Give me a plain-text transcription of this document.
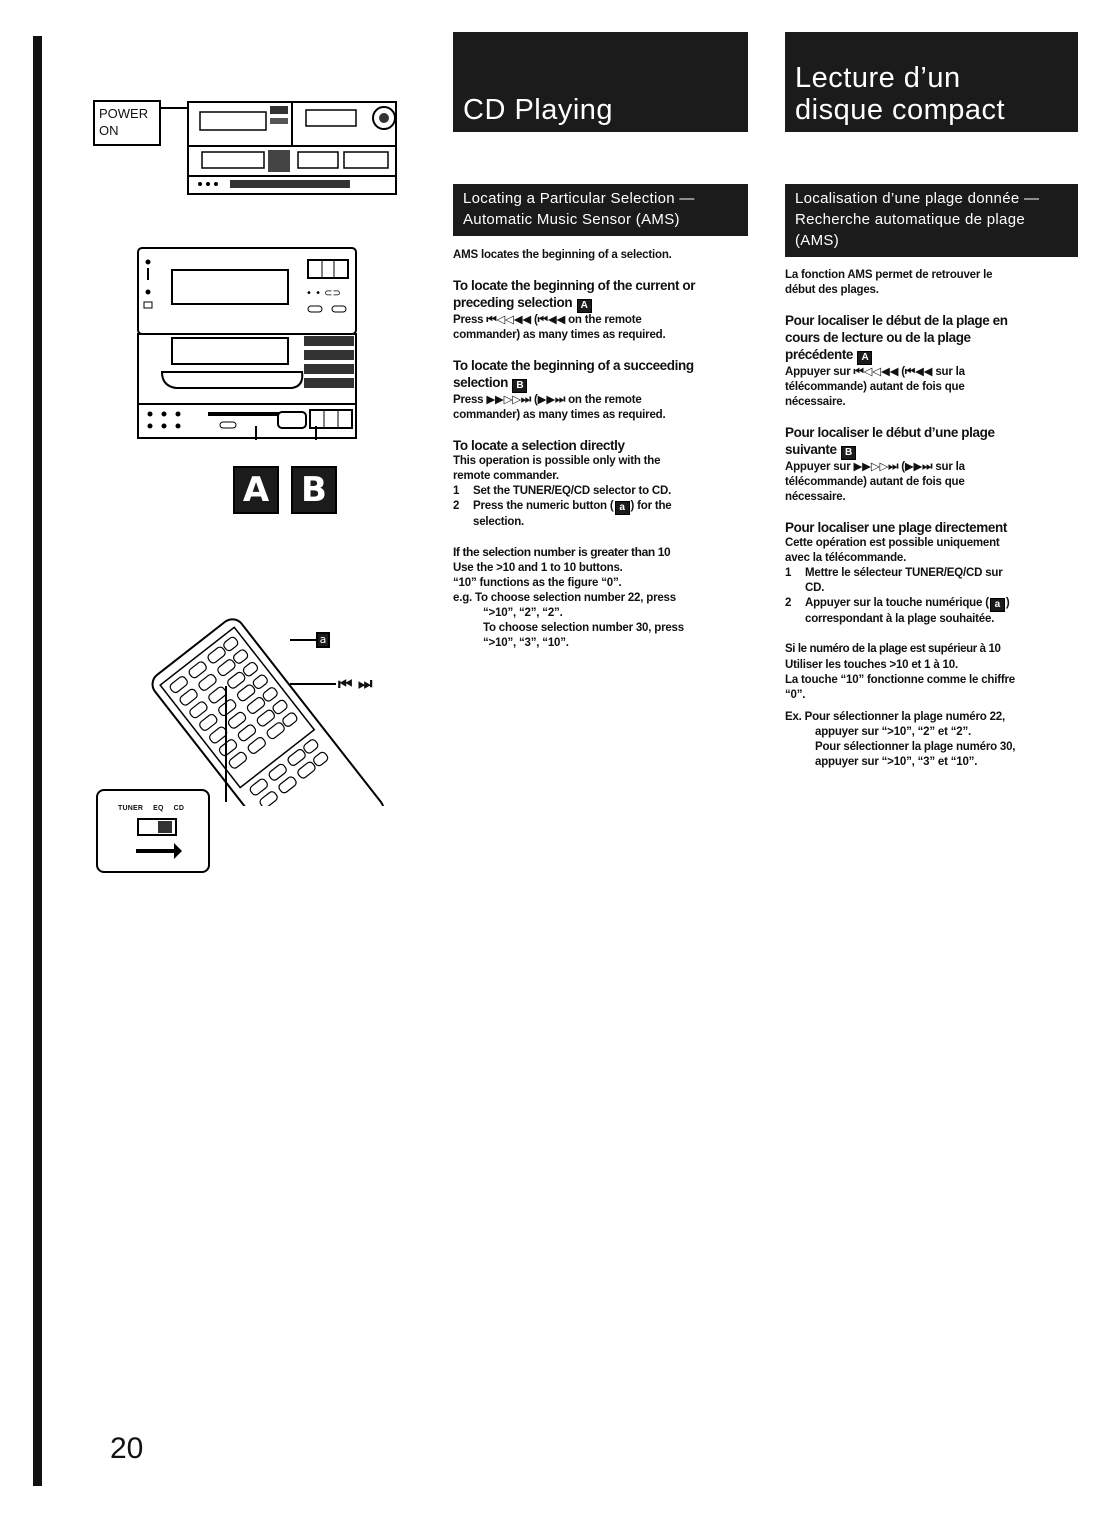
POWER
ON
• • ⊂⊃
A B
a
⏮ ⏭
TUNER EQ CD
20
CD Playing
Locating a Particular Selection — Automatic Music Sensor (AMS)

AMS locates the beginning of a selection.

To locate the beginning of the current or
preceding selection A

Press ⏮◁◁◀◀ (⏮◀◀ on the remote
commander) as many times as required.

To locate the beginning of a succeeding
selection B

Press ▶▶▷▷⏭ (▶▶⏭ on the remote
commander) as many times as required.

To locate a selection directly

This operation is possible only with the
remote commander.

1	Set the TUNER/EQ/CD selector to CD.
2	Press the numeric button ( a ) for the
selection.
If the selection number is greater than 10

Use the >10 and 1 to 10 buttons.
“10” functions as the figure “0”.

e.g. To choose selection number 22, press
“>10”, “2”, “2”.
To choose selection number 30, press
“>10”, “3”, “10”.

Lecture d’un
disque compact
Localisation d’une plage donnée — Recherche automatique de plage (AMS)

La fonction AMS permet de retrouver le
début des plages.

Pour localiser le début de la plage en
cours de lecture ou de la plage
précédente A

Appuyer sur ⏮◁◁◀◀ (⏮◀◀ sur la
télécommande) autant de fois que
nécessaire.

Pour localiser le début d’une plage
suivante B

Appuyer sur ▶▶▷▷⏭ (▶▶⏭ sur la
télécommande) autant de fois que
nécessaire.

Pour localiser une plage directement

Cette opération est possible uniquement
avec la télécommande.

1	Mettre le sélecteur TUNER/EQ/CD sur
CD.
2	Appuyer sur la touche numérique ( a )
correspondant à la plage souhaitée.
Si le numéro de la plage est supérieur à 10

Utiliser les touches >10 et 1 à 10.
La touche “10” fonctionne comme le chiffre
“0”.

Ex. Pour sélectionner la plage numéro 22,
appuyer sur “>10”, “2” et “2”.
Pour sélectionner la plage numéro 30,
appuyer sur “>10”, “3” et “10”.
